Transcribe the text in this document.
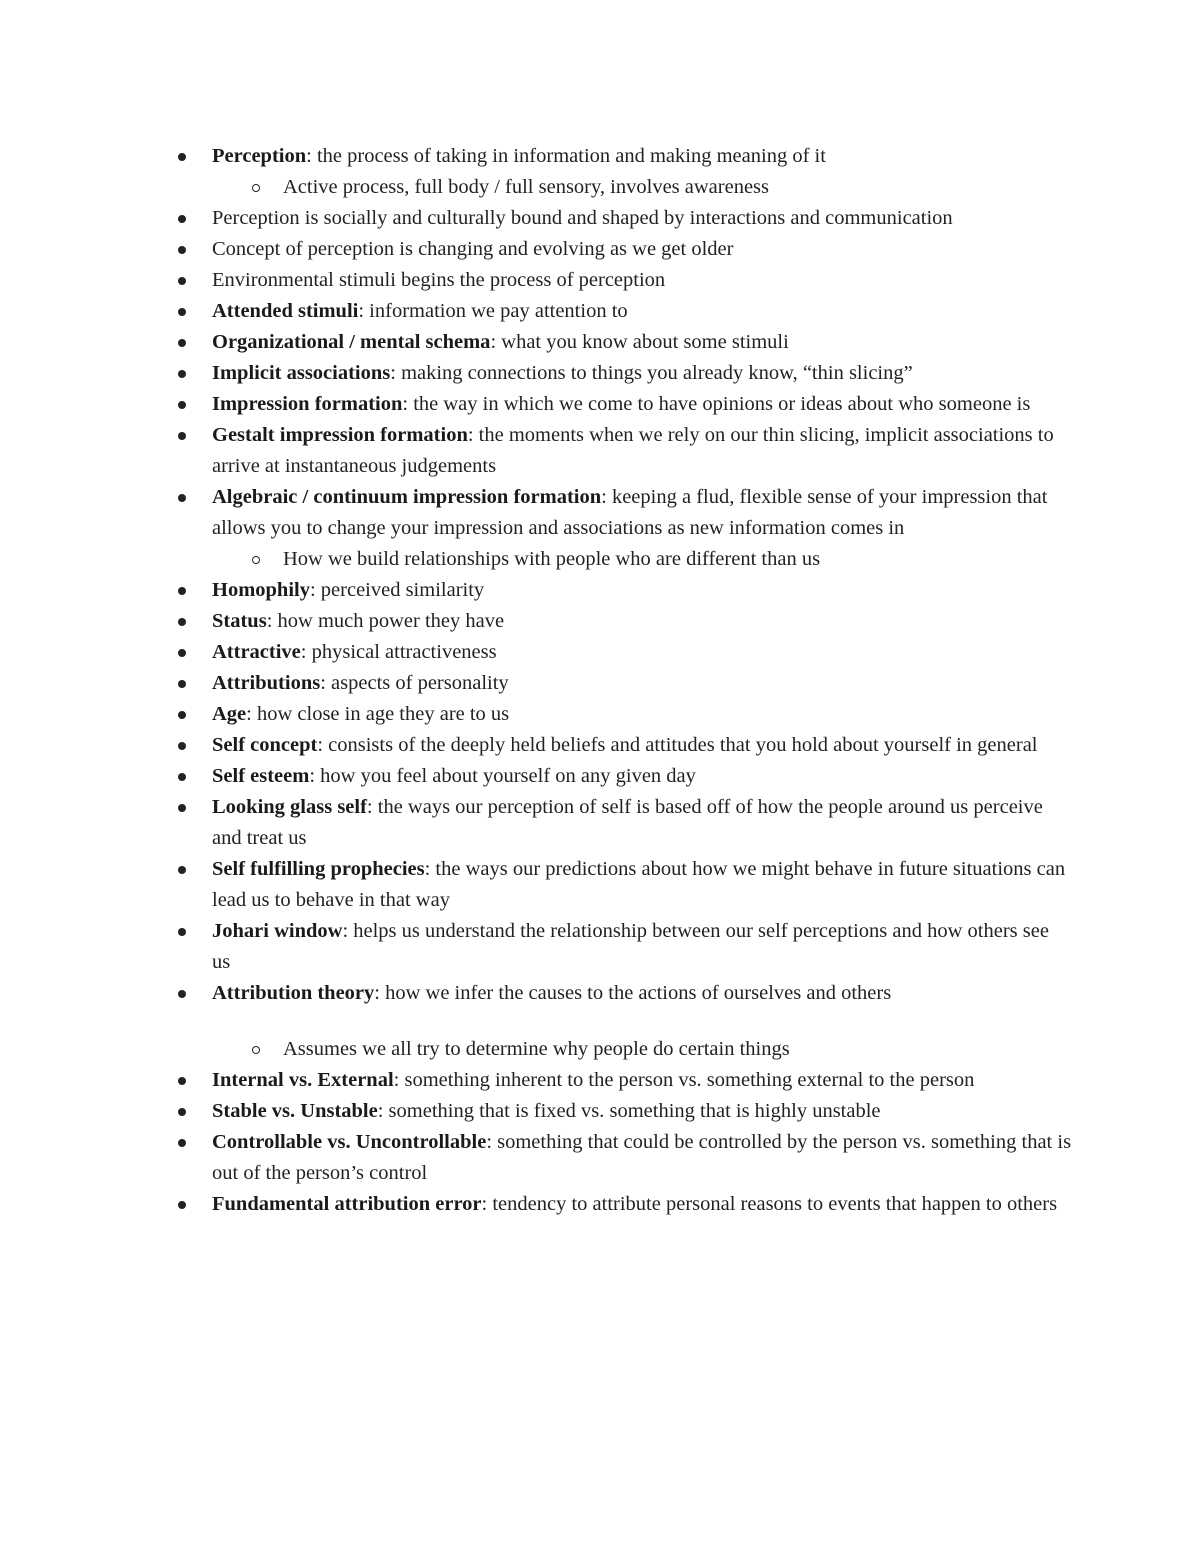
Perception: the process of taking in information and making meaning of it
Active process, full body / full sensory, involves awareness
Perception is socially and culturally bound and shaped by interactions and communication
Concept of perception is changing and evolving as we get older
Environmental stimuli begins the process of perception
Attended stimuli: information we pay attention to
Organizational / mental schema: what you know about some stimuli
Implicit associations: making connections to things you already know, “thin slicing”
Impression formation: the way in which we come to have opinions or ideas about who someone is
Gestalt impression formation: the moments when we rely on our thin slicing, implicit associations to arrive at instantaneous judgements
Algebraic / continuum impression formation: keeping a flud, flexible sense of your impression that allows you to change your impression and associations as new information comes in
How we build relationships with people who are different than us
Homophily: perceived similarity
Status: how much power they have
Attractive: physical attractiveness
Attributions: aspects of personality
Age: how close in age they are to us
Self concept: consists of the deeply held beliefs and attitudes that you hold about yourself in general
Self esteem: how you feel about yourself on any given day
Looking glass self: the ways our perception of self is based off of how the people around us perceive and treat us
Self fulfilling prophecies: the ways our predictions about how we might behave in future situations can lead us to behave in that way
Johari window: helps us understand the relationship between our self perceptions and how others see us
Attribution theory: how we infer the causes to the actions of ourselves and others
Assumes we all try to determine why people do certain things
Internal vs. External: something inherent to the person vs. something external to the person
Stable vs. Unstable: something that is fixed vs. something that is highly unstable
Controllable vs. Uncontrollable: something that could be controlled by the person vs. something that is out of the person’s control
Fundamental attribution error: tendency to attribute personal reasons to events that happen to others
